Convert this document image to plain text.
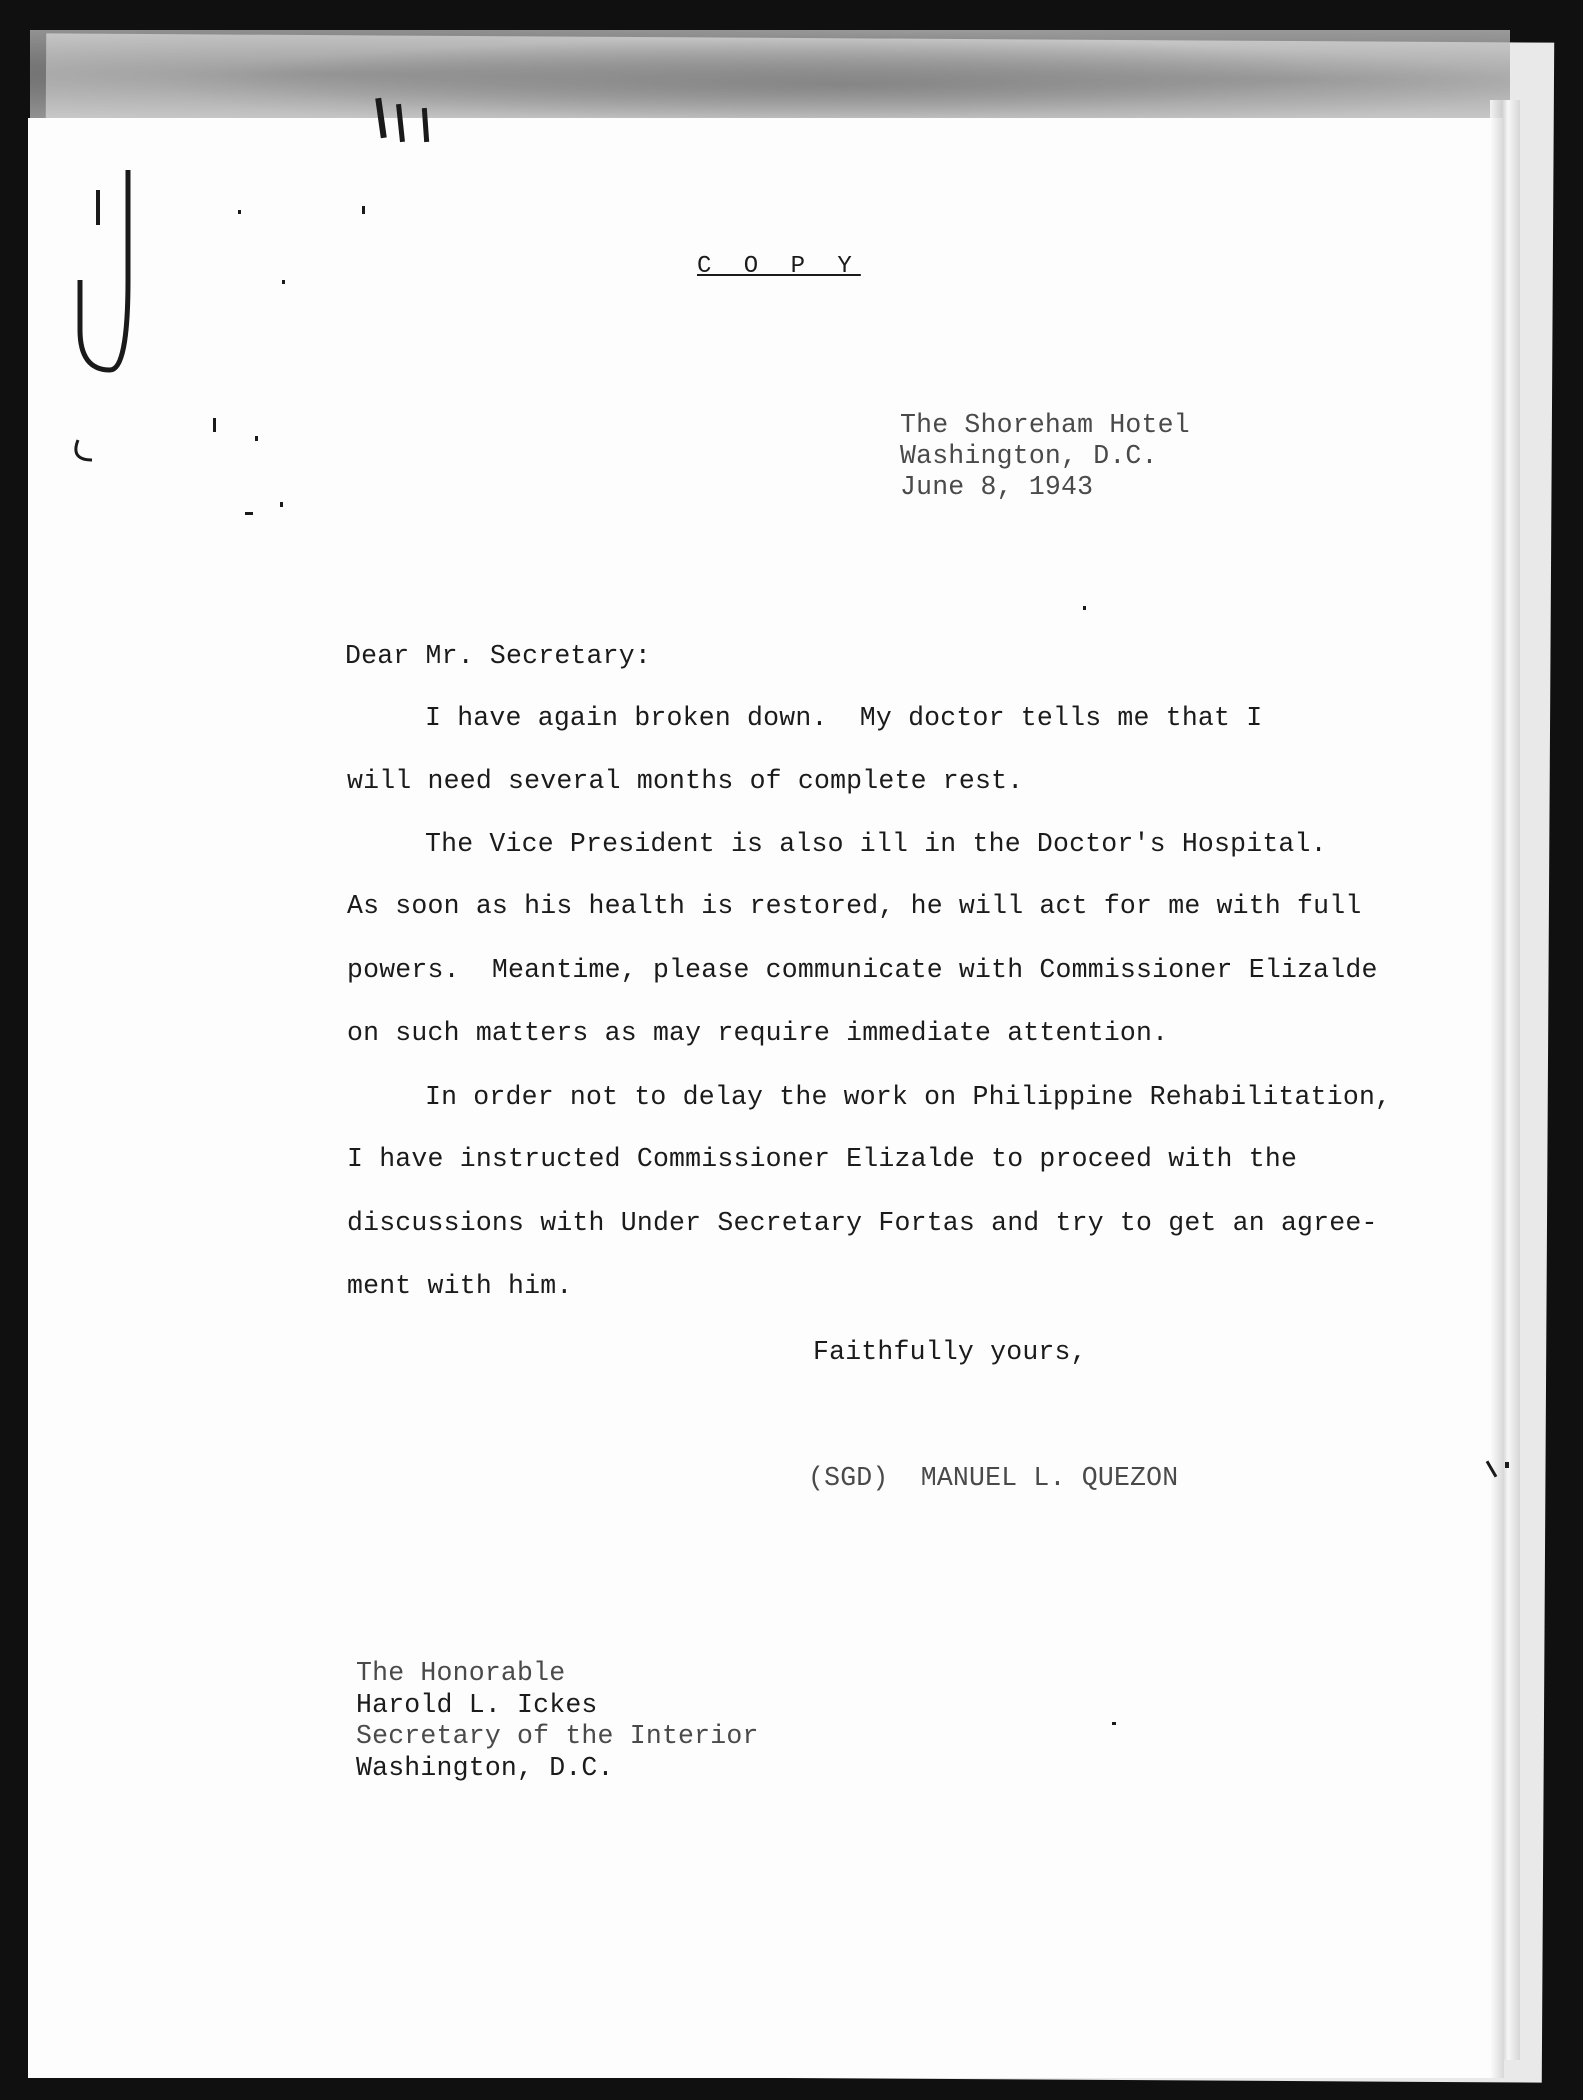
C O P Y
The Shoreham Hotel
Washington, D.C.
June 8, 1943
Dear Mr. Secretary:
I have again broken down.  My doctor tells me that I
will need several months of complete rest.
The Vice President is also ill in the Doctor's Hospital.
As soon as his health is restored, he will act for me with full
powers.  Meantime, please communicate with Commissioner Elizalde
on such matters as may require immediate attention.
In order not to delay the work on Philippine Rehabilitation,
I have instructed Commissioner Elizalde to proceed with the
discussions with Under Secretary Fortas and try to get an agree-
ment with him.
Faithfully yours,
(SGD)  MANUEL L. QUEZON
The Honorable
Harold L. Ickes
Secretary of the Interior
Washington, D.C.
